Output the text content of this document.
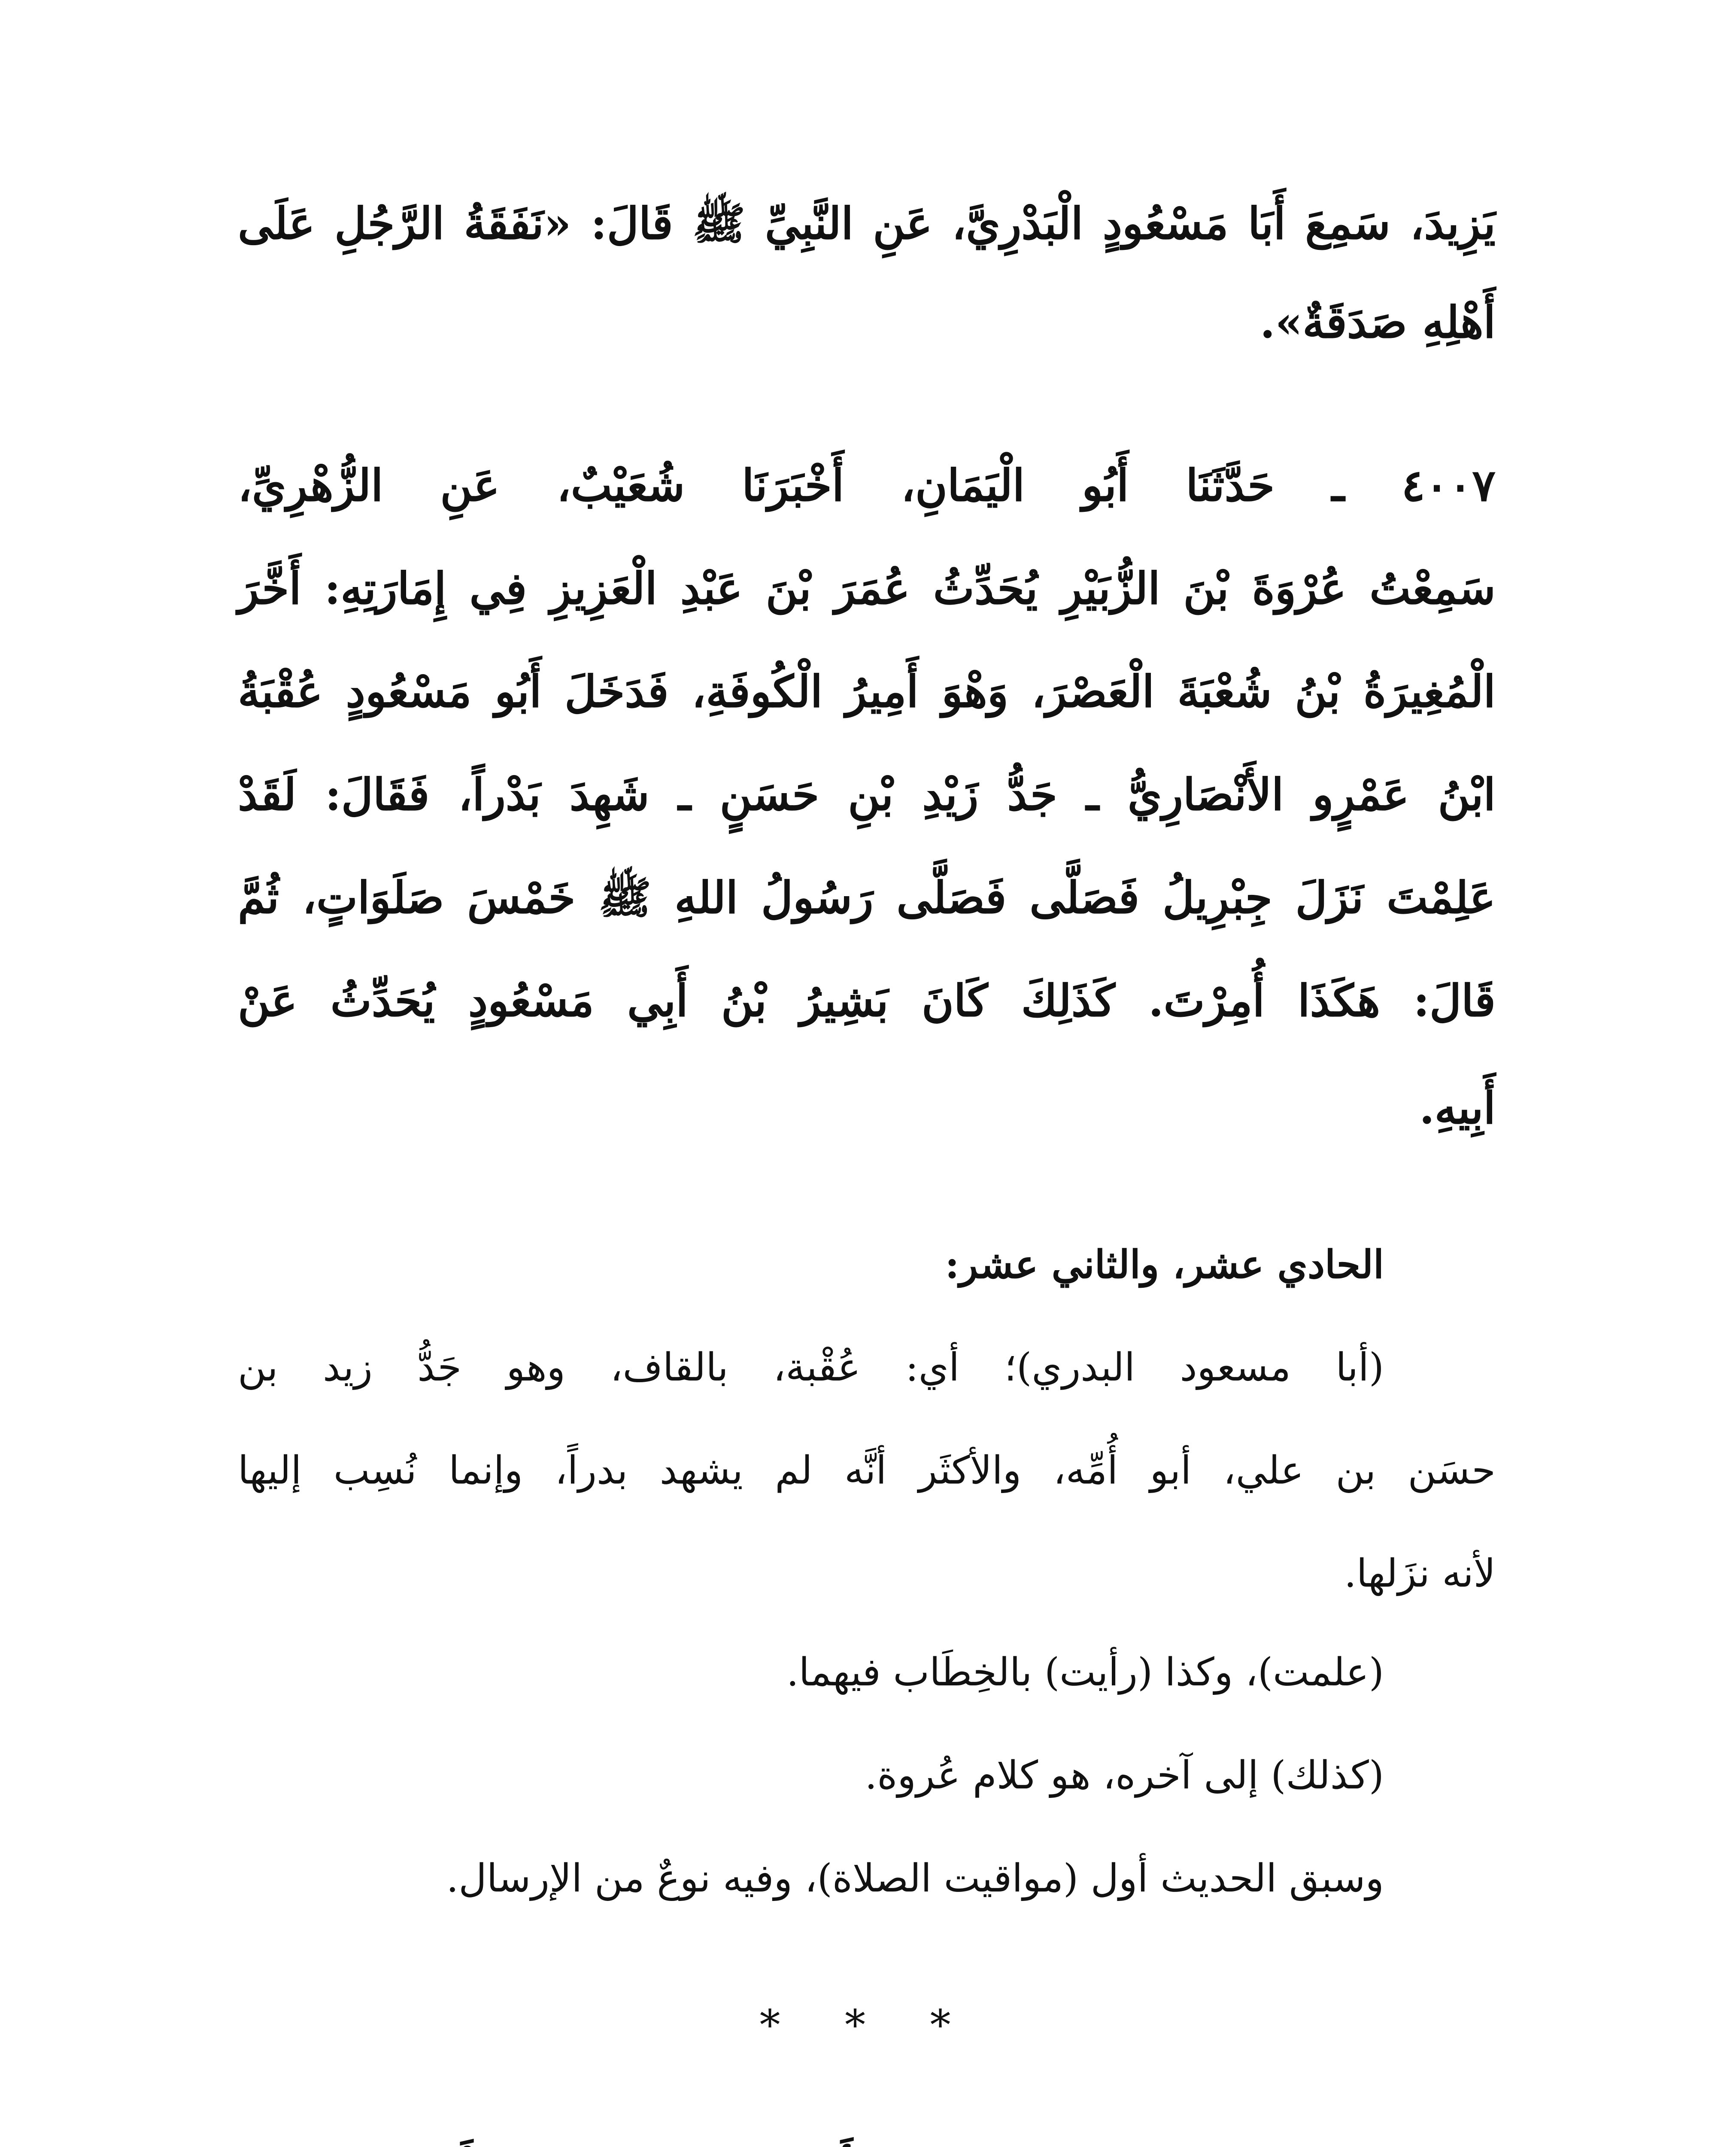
يَزِيدَ، سَمِعَ أَبَا مَسْعُودٍ الْبَدْرِيَّ، عَنِ النَّبِيِّ ﷺ قَالَ: «نَفَقَةُ الرَّجُلِ عَلَى
أَهْلِهِ صَدَقَةٌ».
٤٠٠٧ ـ حَدَّثَنَا أَبُو الْيَمَانِ، أَخْبَرَنَا شُعَيْبٌ، عَنِ الزُّهْرِيِّ،
سَمِعْتُ عُرْوَةَ بْنَ الزُّبَيْرِ يُحَدِّثُ عُمَرَ بْنَ عَبْدِ الْعَزِيزِ فِي إِمَارَتِهِ: أَخَّرَ
الْمُغِيرَةُ بْنُ شُعْبَةَ الْعَصْرَ، وَهْوَ أَمِيرُ الْكُوفَةِ، فَدَخَلَ أَبُو مَسْعُودٍ عُقْبَةُ
ابْنُ عَمْرٍو الأَنْصَارِيُّ ـ جَدُّ زَيْدِ بْنِ حَسَنٍ ـ شَهِدَ بَدْراً، فَقَالَ: لَقَدْ
عَلِمْتَ نَزَلَ جِبْرِيلُ فَصَلَّى فَصَلَّى رَسُولُ اللهِ ﷺ خَمْسَ صَلَوَاتٍ، ثُمَّ
قَالَ: هَكَذَا أُمِرْتَ. كَذَلِكَ كَانَ بَشِيرُ بْنُ أَبِي مَسْعُودٍ يُحَدِّثُ عَنْ
أَبِيهِ.
الحادي عشر، والثاني عشر:
(أبا مسعود البدري)؛ أي: عُقْبة، بالقاف، وهو جَدُّ زيد بن
حسَن بن علي، أبو أُمِّه، والأكثَر أنَّه لم يشهد بدراً، وإنما نُسِب إليها
لأنه نزَلها.
(علمت)، وكذا (رأيت) بالخِطَاب فيهما.
(كذلك) إلى آخره، هو كلام عُروة.
وسبق الحديث أول (مواقيت الصلاة)، وفيه نوعٌ من الإرسال.
* * *
